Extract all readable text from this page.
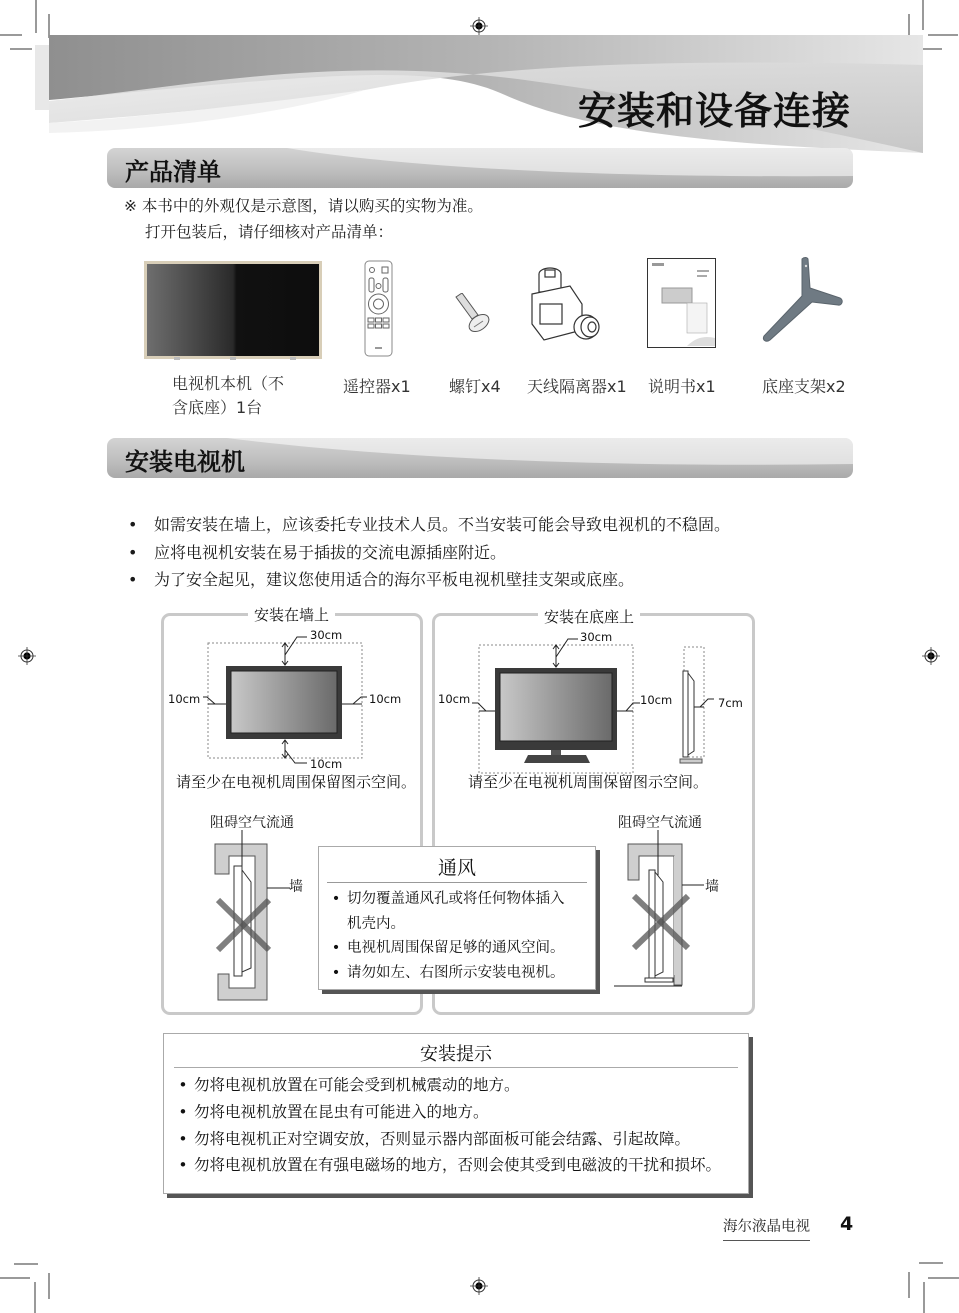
安装和设备连接
产品清单
※ 本书中的外观仅是示意图，请以购买的实物为准。
打开包装后，请仔细核对产品清单：
电视机本机（不
含底座）1台
遥控器x1 螺钉x4 天线隔离器x1 说明书x1	底座支架x2
安装电视机
• 如需安装在墙上，应该委托专业技术人员。不当安装可能会导致电视机的不稳固。
• 应将电视机安装在易于插拔的交流电源插座附近。
• 为了安全起见，建议您使用适合的海尔平板电视机壁挂支架或底座。
安装在墙上
30cm
10cm	10cm
10cm
请至少在电视机周围保留图示空间。
阻碍空气流通
墙
安装在底座上
30cm
10cm	10cm	7cm
请至少在电视机周围保留图示空间。
阻碍空气流通
墙
通风
• 切勿覆盖通风孔或将任何物体插入
机壳内。
• 电视机周围保留足够的通风空间。
• 请勿如左、右图所示安装电视机。
安装提示
• 勿将电视机放置在可能会受到机械震动的地方。
• 勿将电视机放置在昆虫有可能进入的地方。
• 勿将电视机正对空调安放，否则显示器内部面板可能会结露、引起故障。
• 勿将电视机放置在有强电磁场的地方，否则会使其受到电磁波的干扰和损坏。
海尔液晶电视 4
